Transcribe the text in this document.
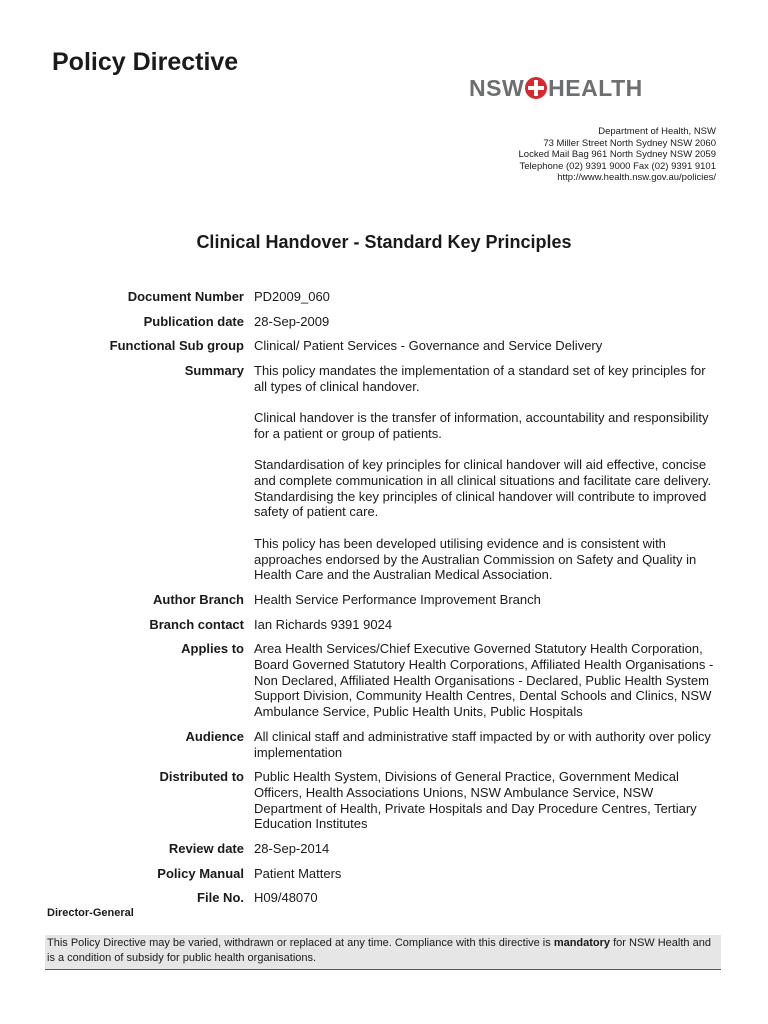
Policy Directive
NSW HEALTH
Department of Health, NSW
73 Miller Street North Sydney NSW 2060
Locked Mail Bag 961 North Sydney NSW 2059
Telephone (02) 9391 9000 Fax (02) 9391 9101
http://www.health.nsw.gov.au/policies/
Clinical Handover - Standard Key Principles
Document Number PD2009_060
Publication date 28-Sep-2009
Functional Sub group Clinical/ Patient Services - Governance and Service Delivery
Summary This policy mandates the implementation of a standard set of key principles for all types of clinical handover.

Clinical handover is the transfer of information, accountability and responsibility for a patient or group of patients.

Standardisation of key principles for clinical handover will aid effective, concise and complete communication in all clinical situations and facilitate care delivery. Standardising the key principles of clinical handover will contribute to improved safety of patient care.

This policy has been developed utilising evidence and is consistent with approaches endorsed by the Australian Commission on Safety and Quality in Health Care and the Australian Medical Association.

Author Branch Health Service Performance Improvement Branch
Branch contact Ian Richards 9391 9024
Applies to Area Health Services/Chief Executive Governed Statutory Health Corporation, Board Governed Statutory Health Corporations, Affiliated Health Organisations - Non Declared, Affiliated Health Organisations - Declared, Public Health System Support Division, Community Health Centres, Dental Schools and Clinics, NSW Ambulance Service, Public Health Units, Public Hospitals
Audience All clinical staff and administrative staff impacted by or with authority over policy implementation
Distributed to Public Health System, Divisions of General Practice, Government Medical Officers, Health Associations Unions, NSW Ambulance Service, NSW Department of Health, Private Hospitals and Day Procedure Centres, Tertiary Education Institutes
Review date 28-Sep-2014
Policy Manual Patient Matters
File No. H09/48070
Director-General
This Policy Directive may be varied, withdrawn or replaced at any time. Compliance with this directive is mandatory for NSW Health and is a condition of subsidy for public health organisations.
